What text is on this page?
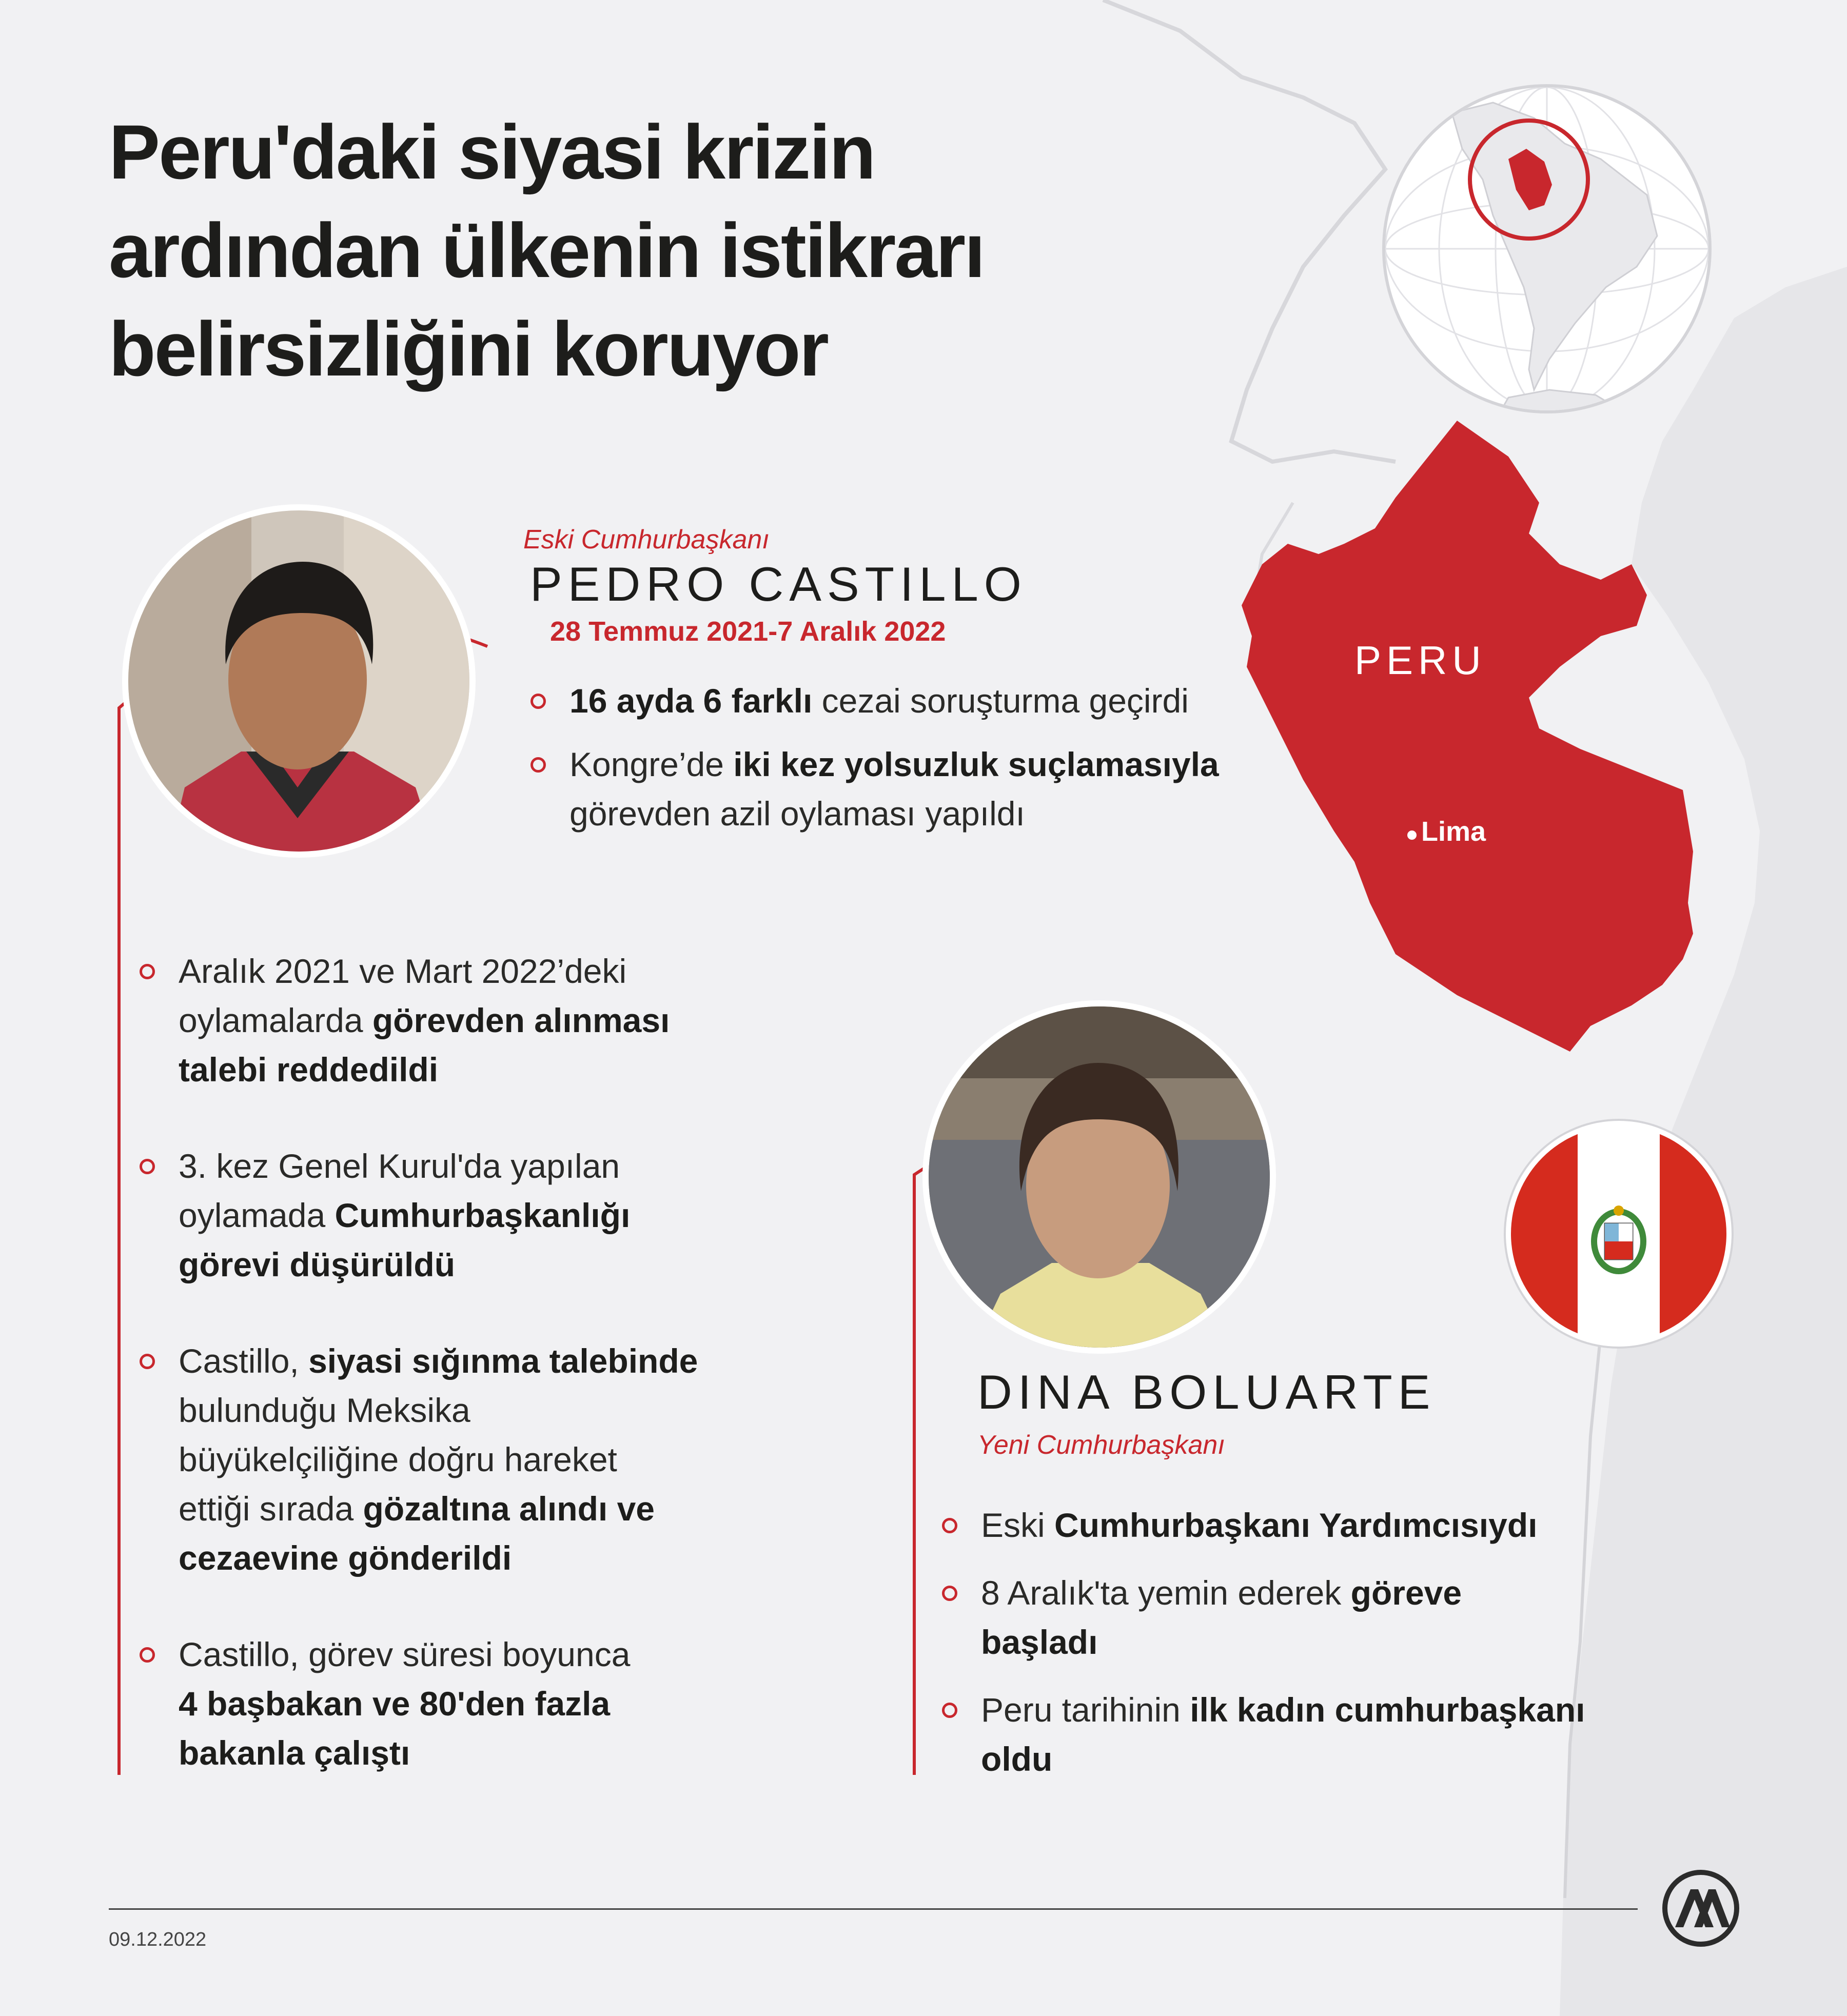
Peru'daki siyasi krizin
ardından ülkenin istikrarı
belirsizliğini koruyor
PERU
Lima
Eski Cumhurbaşkanı
PEDRO CASTILLO
28 Temmuz 2021-7 Aralık 2022
16 ayda 6 farklı cezai soruşturma geçirdi
Kongre’de iki kez yolsuzluk suçlamasıyla
görevden azil oylaması yapıldı
Aralık 2021 ve Mart 2022’deki
oylamalarda görevden alınması
talebi reddedildi
3. kez Genel Kurul'da yapılan
oylamada Cumhurbaşkanlığı
görevi düşürüldü
Castillo, siyasi sığınma talebinde
bulunduğu Meksika
büyükelçiliğine doğru hareket
ettiği sırada gözaltına alındı ve
cezaevine gönderildi
Castillo, görev süresi boyunca
4 başbakan ve 80'den fazla
bakanla çalıştı
DINA BOLUARTE
Yeni Cumhurbaşkanı
Eski Cumhurbaşkanı Yardımcısıydı
8 Aralık'ta yemin ederek göreve
başladı
Peru tarihinin ilk kadın cumhurbaşkanı
oldu
09.12.2022
